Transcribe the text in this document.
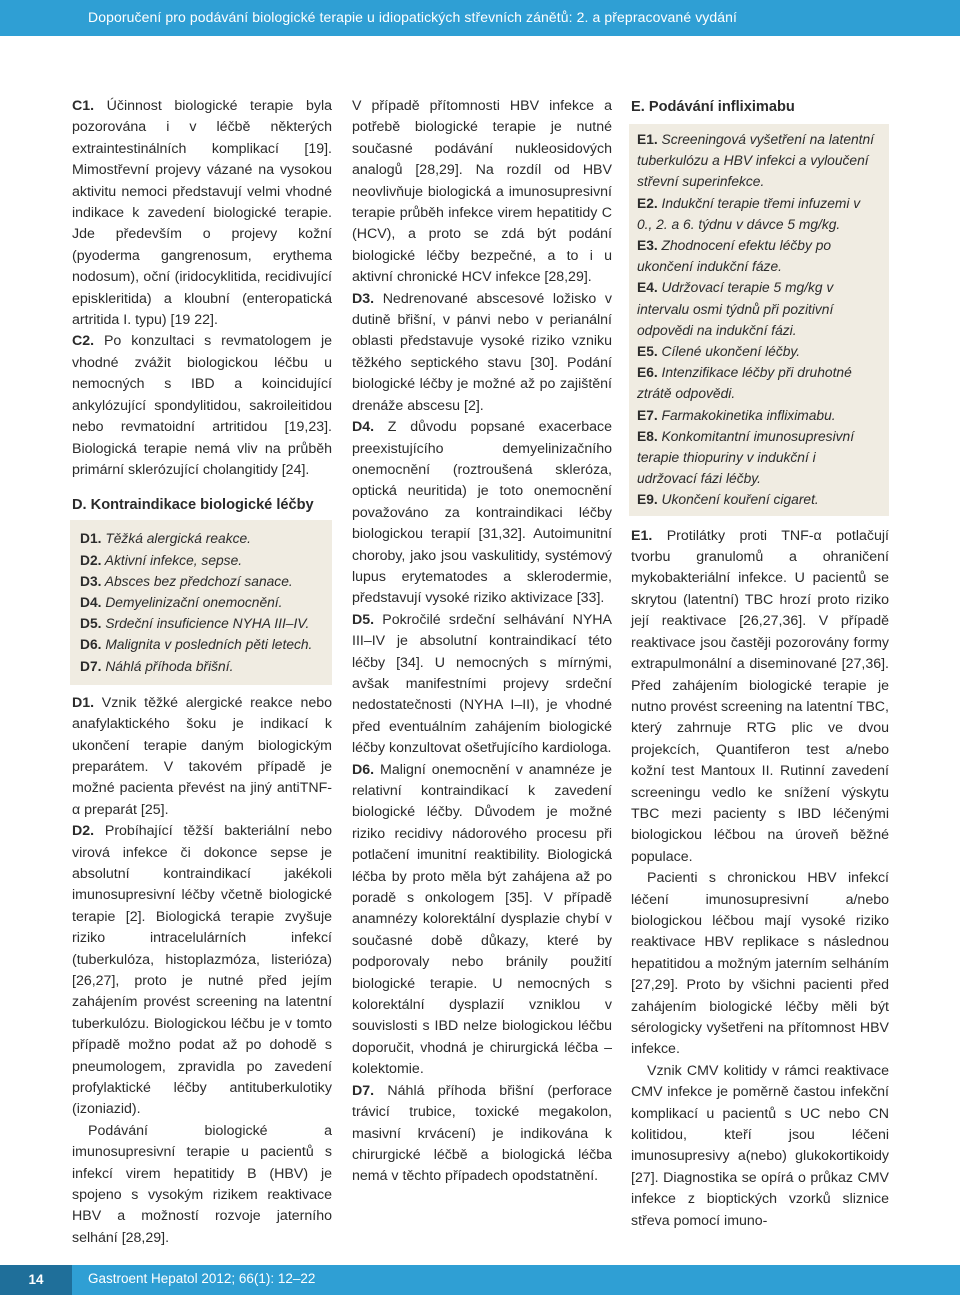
Doporučení pro podávání biologické terapie u idiopatických střevních zánětů: 2. a přepracované vydání

C1. Účinnost biologické terapie byla pozorována i v léčbě některých extraintestinálních komplikací [19]. Mimostřevní projevy vázané na vysokou aktivitu nemoci představují velmi vhodné indikace k zavedení biologické terapie. Jde především o projevy kožní (pyoderma gangrenosum, erythema nodosum), oční (iridocyklitida, recidivující episkleritida) a kloubní (enteropatická artritida I. typu) [19 22].

C2. Po konzultaci s revmatologem je vhodné zvážit biologickou léčbu u nemocných s IBD a koincidující ankylózující spondylitidou, sakroileitidou nebo revmatoidní artritidou [19,23]. Biologická terapie nemá vliv na průběh primární sklerózující cholangitidy [24].

D. Kontraindikace biologické léčby

D1. Těžká alergická reakce.
D2. Aktivní infekce, sepse.
D3. Absces bez předchozí sanace.
D4. Demyelinizační onemocnění.
D5. Srdeční insuficience NYHA III–IV.
D6. Malignita v posledních pěti letech.
D7. Náhlá příhoda břišní.

D1. Vznik těžké alergické reakce nebo anafylaktického šoku je indikací k ukončení terapie daným biologickým preparátem. V takovém případě je možné pacienta převést na jiný antiTNF-α preparát [25].

D2. Probíhající těžší bakteriální nebo virová infekce či dokonce sepse je absolutní kontraindikací jakékoli imunosupresivní léčby včetně biologické terapie [2]. Biologická terapie zvyšuje riziko intracelulárních infekcí (tuberkulóza, histoplazmóza, listerióza) [26,27], proto je nutné před jejím zahájením provést screening na latentní tuberkulózu. Biologickou léčbu je v tomto případě možno podat až po dohodě s pneumologem, zpravidla po zavedení profylaktické léčby antituberkulotiky (izoniazid).

Podávání biologické a imunosupresivní terapie u pacientů s infekcí virem hepatitidy B (HBV) je spojeno s vysokým rizikem reaktivace HBV a možností rozvoje jaterního selhání [28,29].

V případě přítomnosti HBV infekce a potřebě biologické terapie je nutné současné podávání nukleosidových analogů [28,29]. Na rozdíl od HBV neovlivňuje biologická a imunosupresivní terapie průběh infekce virem hepatitidy C (HCV), a proto se zdá být podání biologické léčby bezpečné, a to i u aktivní chronické HCV infekce [28,29].

D3. Nedrenované abscesové ložisko v dutině břišní, v pánvi nebo v perianální oblasti představuje vysoké riziko vzniku těžkého septického stavu [30]. Podání biologické léčby je možné až po zajištění drenáže abscesu [2].

D4. Z důvodu popsané exacerbace preexistujícího demyelinizačního onemocnění (roztroušená skleróza, optická neuritida) je toto onemocnění považováno za kontraindikaci léčby biologickou terapií [31,32]. Autoimunitní choroby, jako jsou vaskulitidy, systémový lupus erytematodes a sklerodermie, představují vysoké riziko aktivizace [33].

D5. Pokročilé srdeční selhávání NYHA III–IV je absolutní kontraindikací této léčby [34]. U nemocných s mírnými, avšak manifestními projevy srdeční nedostatečnosti (NYHA I–II), je vhodné před eventuálním zahájením biologické léčby konzultovat ošetřujícího kardiologa.

D6. Maligní onemocnění v anamnéze je relativní kontraindikací k zavedení biologické léčby. Důvodem je možné riziko recidivy nádorového procesu při potlačení imunitní reaktibility. Biologická léčba by proto měla být zahájena až po poradě s onkologem [35]. V případě anamnézy kolorektální dysplazie chybí v současné době důkazy, které by podporovaly nebo bránily použití biologické terapie. U nemocných s kolorektální dysplazií vzniklou v souvislosti s IBD nelze biologickou léčbu doporučit, vhodná je chirurgická léčba – kolektomie.

D7. Náhlá příhoda břišní (perforace trávicí trubice, toxické megakolon, masivní krvácení) je indikována k chirurgické léčbě a biologická léčba nemá v těchto případech opodstatnění.

E. Podávání infliximabu

E1. Screeningová vyšetření na latentní tuberkulózu a HBV infekci a vyloučení střevní superinfekce.
E2. Indukční terapie třemi infuzemi v 0., 2. a 6. týdnu v dávce 5 mg/kg.
E3. Zhodnocení efektu léčby po ukončení indukční fáze.
E4. Udržovací terapie 5 mg/kg v intervalu osmi týdnů při pozitivní odpovědi na indukční fázi.
E5. Cílené ukončení léčby.
E6. Intenzifikace léčby při druhotné ztrátě odpovědi.
E7. Farmakokinetika infliximabu.
E8. Konkomitantní imunosupresivní terapie thiopuriny v indukční i udržovací fázi léčby.
E9. Ukončení kouření cigaret.

E1. Protilátky proti TNF-α potlačují tvorbu granulomů a ohraničení mykobakteriální infekce. U pacientů se skrytou (latentní) TBC hrozí proto riziko její reaktivace [26,27,36]. V případě reaktivace jsou častěji pozorovány formy extrapulmonální a diseminované [27,36]. Před zahájením biologické terapie je nutno provést screening na latentní TBC, který zahrnuje RTG plic ve dvou projekcích, Quantiferon test a/nebo kožní test Mantoux II. Rutinní zavedení screeningu vedlo ke snížení výskytu TBC mezi pacienty s IBD léčenými biologickou léčbou na úroveň běžné populace.

Pacienti s chronickou HBV infekcí léčení imunosupresivní a/nebo biologickou léčbou mají vysoké riziko reaktivace HBV replikace s následnou hepatitidou a možným jaterním selháním [27,29]. Proto by všichni pacienti před zahájením biologické léčby měli být sérologicky vyšetřeni na přítomnost HBV infekce.

Vznik CMV kolitidy v rámci reaktivace CMV infekce je poměrně častou infekční komplikací u pacientů s UC nebo CN kolitidou, kteří jsou léčeni imunosupresivy a(nebo) glukokortikoidy [27]. Diagnostika se opírá o průkaz CMV infekce z bioptických vzorků sliznice střeva pomocí imuno-

14	Gastroent Hepatol 2012; 66(1): 12–22
